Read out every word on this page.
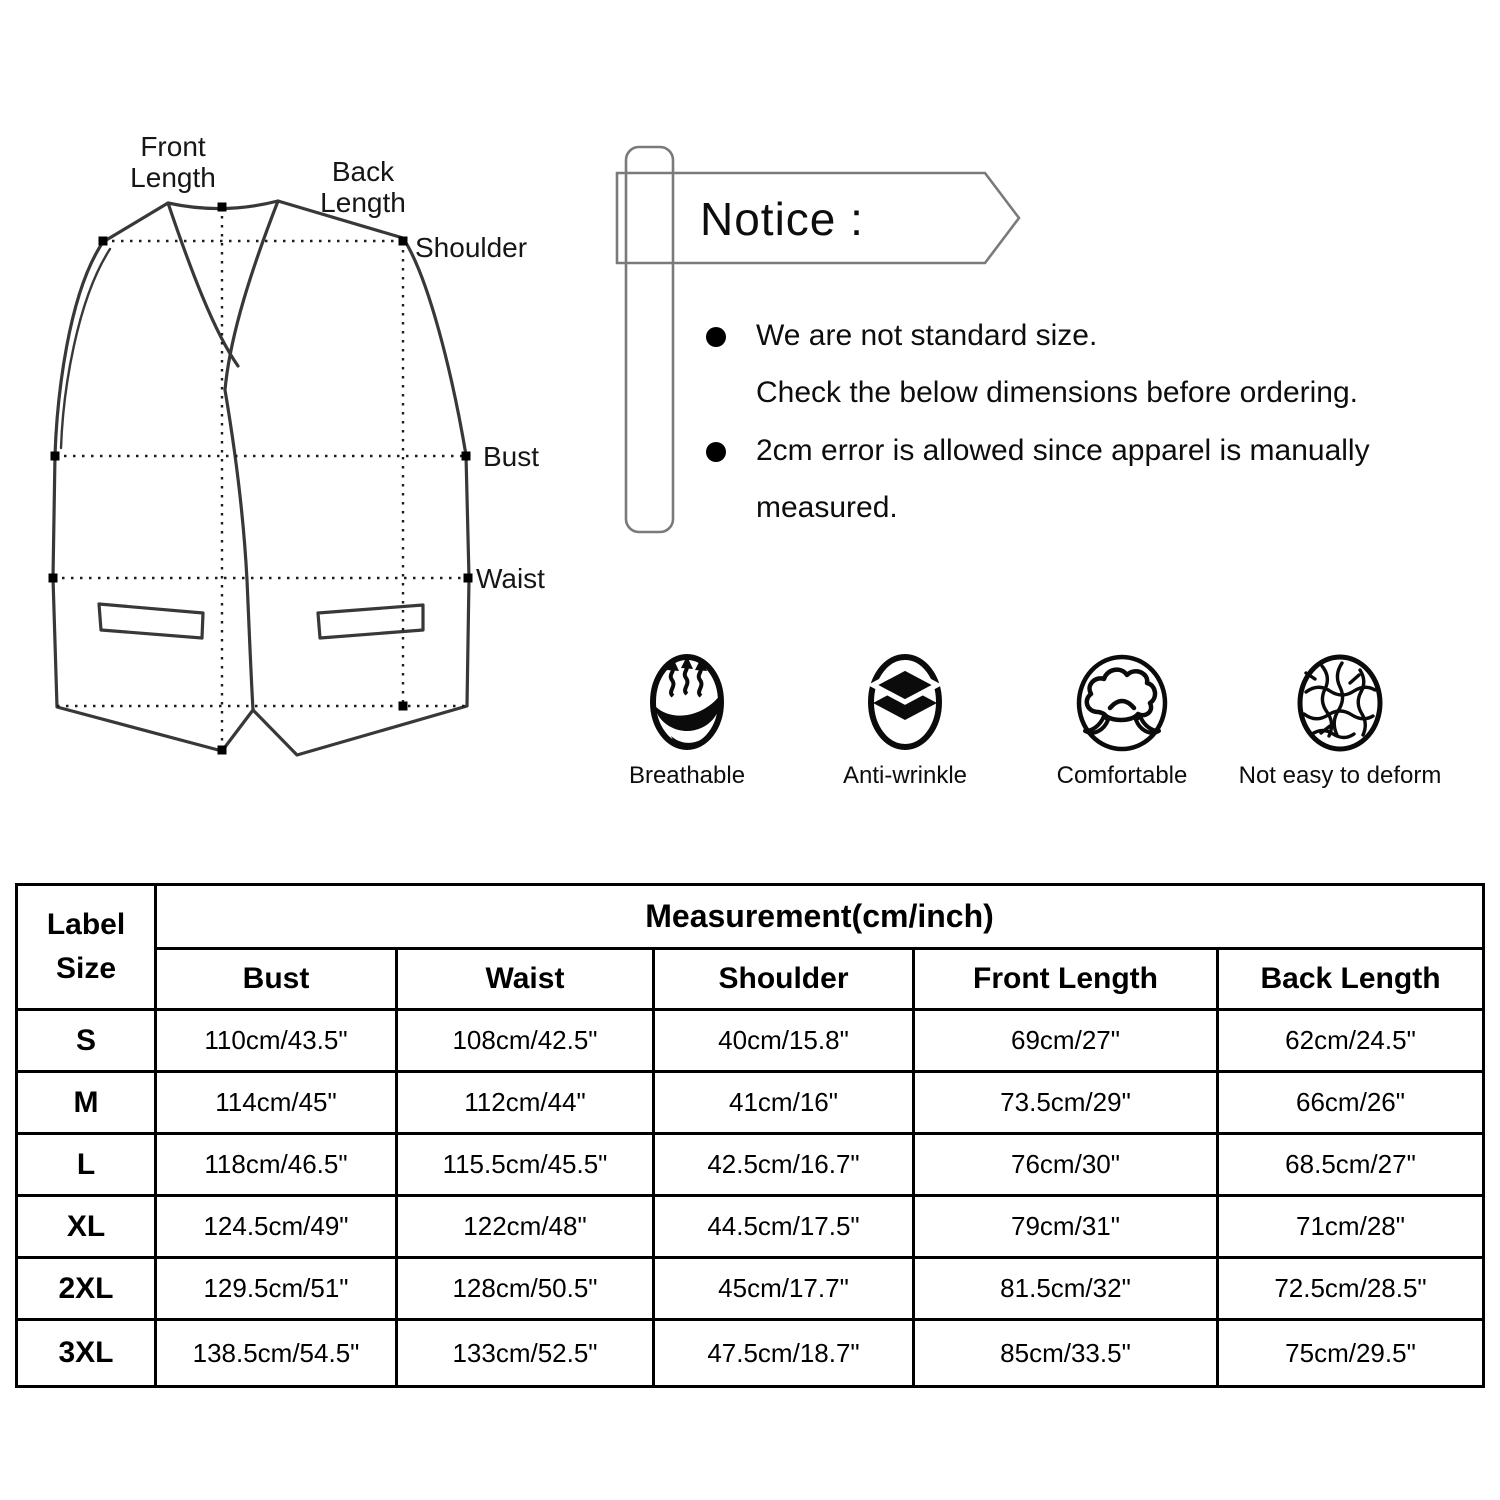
Front
Length	Back
Length
Shoulder
Bust
Waist
Notice :
We are not standard size.
Check the below dimensions before ordering.
2cm error is allowed since apparel is manually
measured.
Breathable	Anti-wrinkle	Comfortable	Not easy to deform
Label
Size	Measurement(cm/inch)				
	Bust	Waist	Shoulder	Front Length	Back Length
S	110cm/43.5"	108cm/42.5"	40cm/15.8"	69cm/27"	62cm/24.5"
M	114cm/45"	112cm/44"	41cm/16"	73.5cm/29"	66cm/26"
L	118cm/46.5"	115.5cm/45.5"	42.5cm/16.7"	76cm/30"	68.5cm/27"
XL	124.5cm/49"	122cm/48"	44.5cm/17.5"	79cm/31"	71cm/28"
2XL	129.5cm/51"	128cm/50.5"	45cm/17.7"	81.5cm/32"	72.5cm/28.5"
3XL	138.5cm/54.5"	133cm/52.5"	47.5cm/18.7"	85cm/33.5"	75cm/29.5"
